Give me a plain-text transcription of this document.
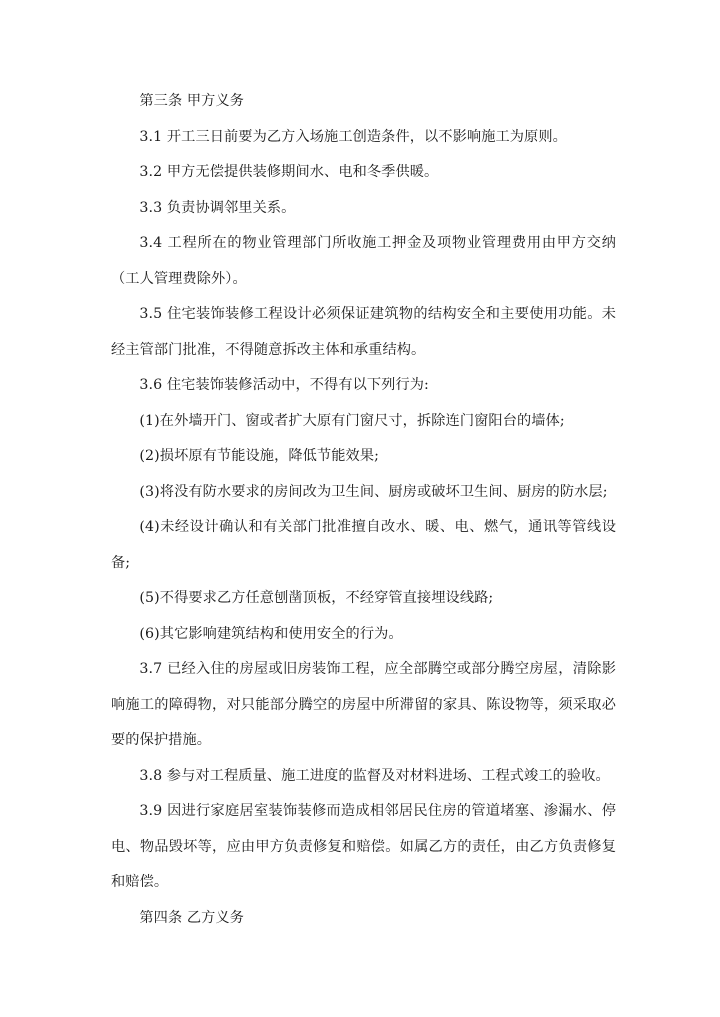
第三条 甲方义务

3.1 开工三日前要为乙方入场施工创造条件，以不影响施工为原则。

3.2 甲方无偿提供装修期间水、电和冬季供暖。

3.3 负责协调邻里关系。

3.4 工程所在的物业管理部门所收施工押金及项物业管理费用由甲方交纳（工人管理费除外）。

3.5 住宅装饰装修工程设计必须保证建筑物的结构安全和主要使用功能。未经主管部门批准，不得随意拆改主体和承重结构。

3.6 住宅装饰装修活动中，不得有以下列行为:

(1)在外墙开门、窗或者扩大原有门窗尺寸，拆除连门窗阳台的墙体;

(2)损坏原有节能设施，降低节能效果;

(3)将没有防水要求的房间改为卫生间、厨房或破坏卫生间、厨房的防水层;

(4)未经设计确认和有关部门批准擅自改水、暖、电、燃气，通讯等管线设备;

(5)不得要求乙方任意刨凿顶板，不经穿管直接埋设线路;

(6)其它影响建筑结构和使用安全的行为。

3.7 已经入住的房屋或旧房装饰工程，应全部腾空或部分腾空房屋，清除影响施工的障碍物，对只能部分腾空的房屋中所滞留的家具、陈设物等，须采取必要的保护措施。

3.8 参与对工程质量、施工进度的监督及对材料进场、工程式竣工的验收。

3.9 因进行家庭居室装饰装修而造成相邻居民住房的管道堵塞、渗漏水、停电、物品毁坏等，应由甲方负责修复和赔偿。如属乙方的责任，由乙方负责修复和赔偿。

第四条 乙方义务
